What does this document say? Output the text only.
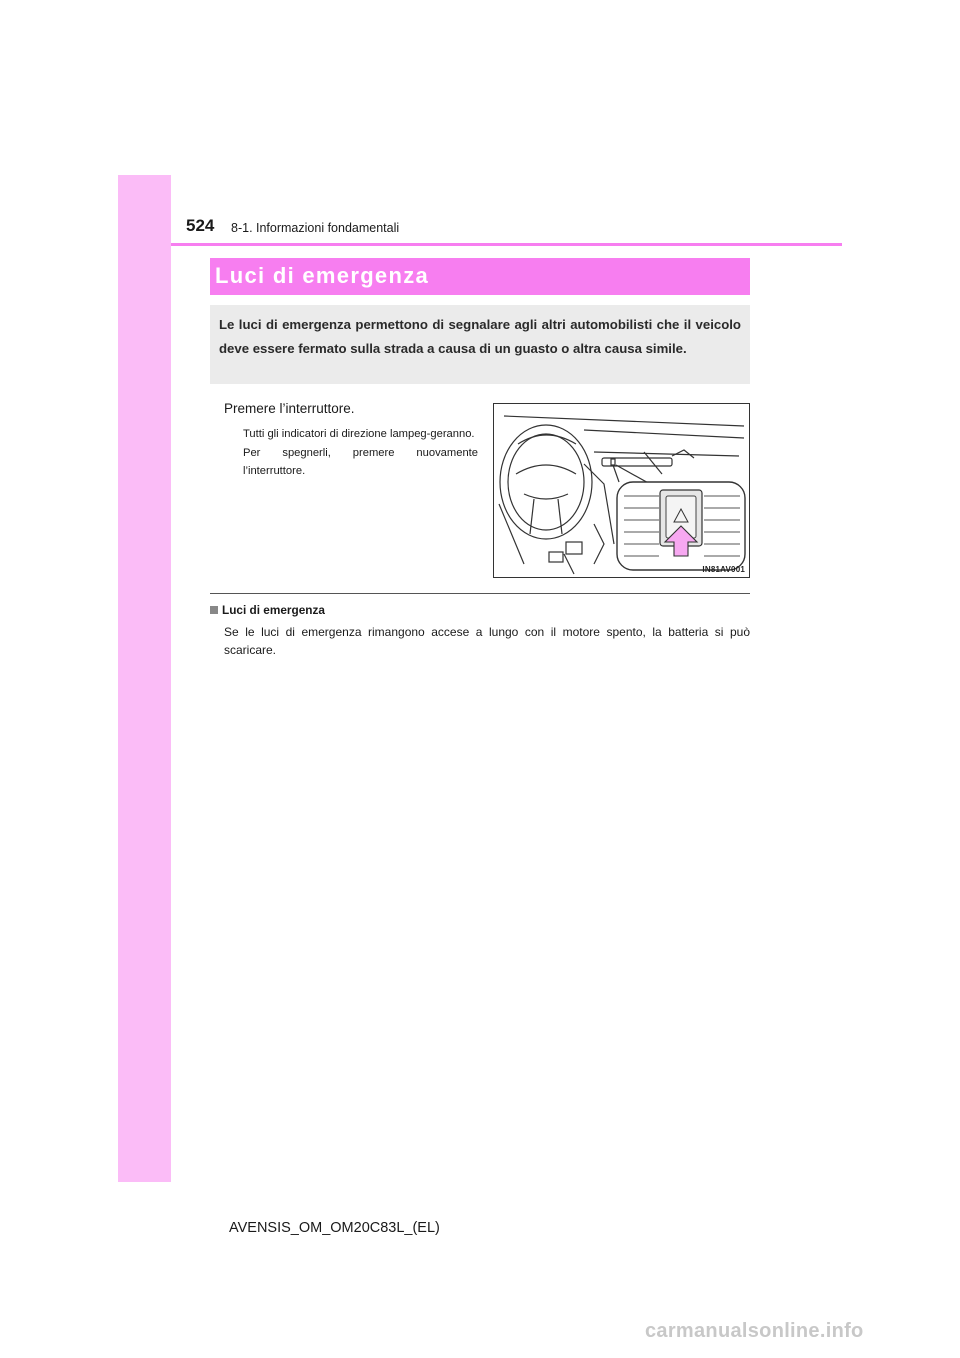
524 8-1. Informazioni fondamentali
Luci di emergenza
Le luci di emergenza permettono di segnalare agli altri automobilisti che il veicolo deve essere fermato sulla strada a causa di un guasto o altra causa simile.
Premere l’interruttore.

Tutti gli indicatori di direzione lampeg-geranno.

Per spegnerli, premere nuovamente l’interruttore.

IN81AV001
Luci di emergenza
Se le luci di emergenza rimangono accese a lungo con il motore spento, la batteria si può scaricare.
AVENSIS_OM_OM20C83L_(EL)
carmanualsonline.info
